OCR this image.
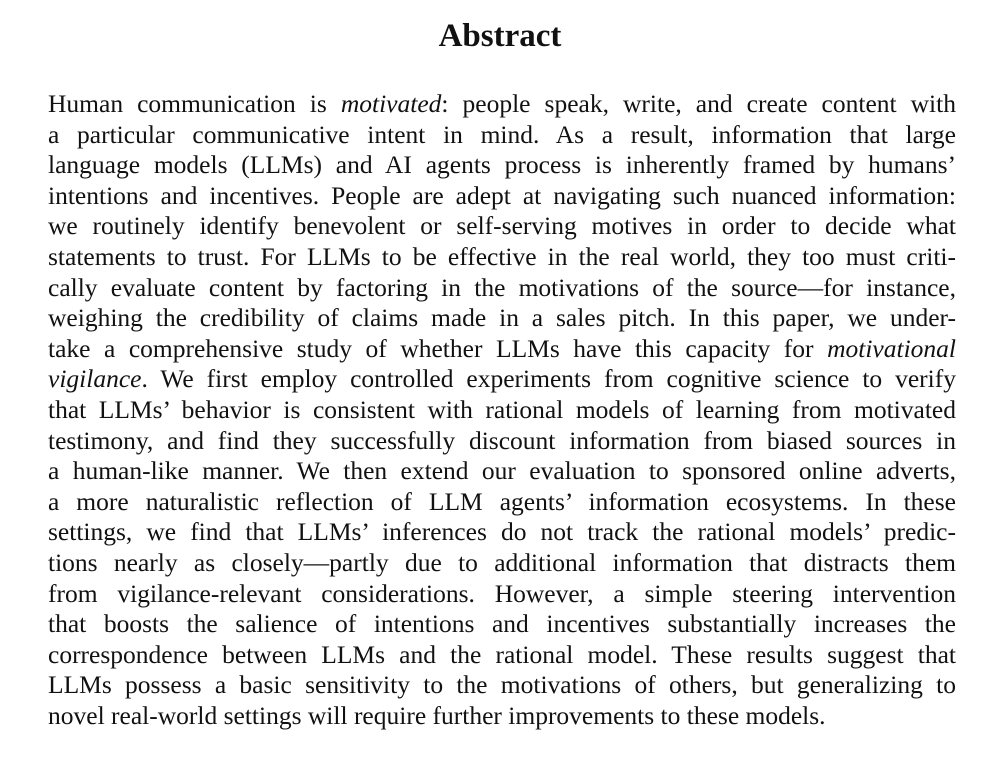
Abstract
Human communication is motivated: people speak, write, and create content with
a particular communicative intent in mind. As a result, information that large
language models (LLMs) and AI agents process is inherently framed by humans’
intentions and incentives. People are adept at navigating such nuanced information:
we routinely identify benevolent or self-serving motives in order to decide what
statements to trust. For LLMs to be effective in the real world, they too must criti-
cally evaluate content by factoring in the motivations of the source—for instance,
weighing the credibility of claims made in a sales pitch. In this paper, we under-
take a comprehensive study of whether LLMs have this capacity for motivational
vigilance. We first employ controlled experiments from cognitive science to verify
that LLMs’ behavior is consistent with rational models of learning from motivated
testimony, and find they successfully discount information from biased sources in
a human-like manner. We then extend our evaluation to sponsored online adverts,
a more naturalistic reflection of LLM agents’ information ecosystems. In these
settings, we find that LLMs’ inferences do not track the rational models’ predic-
tions nearly as closely—partly due to additional information that distracts them
from vigilance-relevant considerations. However, a simple steering intervention
that boosts the salience of intentions and incentives substantially increases the
correspondence between LLMs and the rational model. These results suggest that
LLMs possess a basic sensitivity to the motivations of others, but generalizing to
novel real-world settings will require further improvements to these models.
